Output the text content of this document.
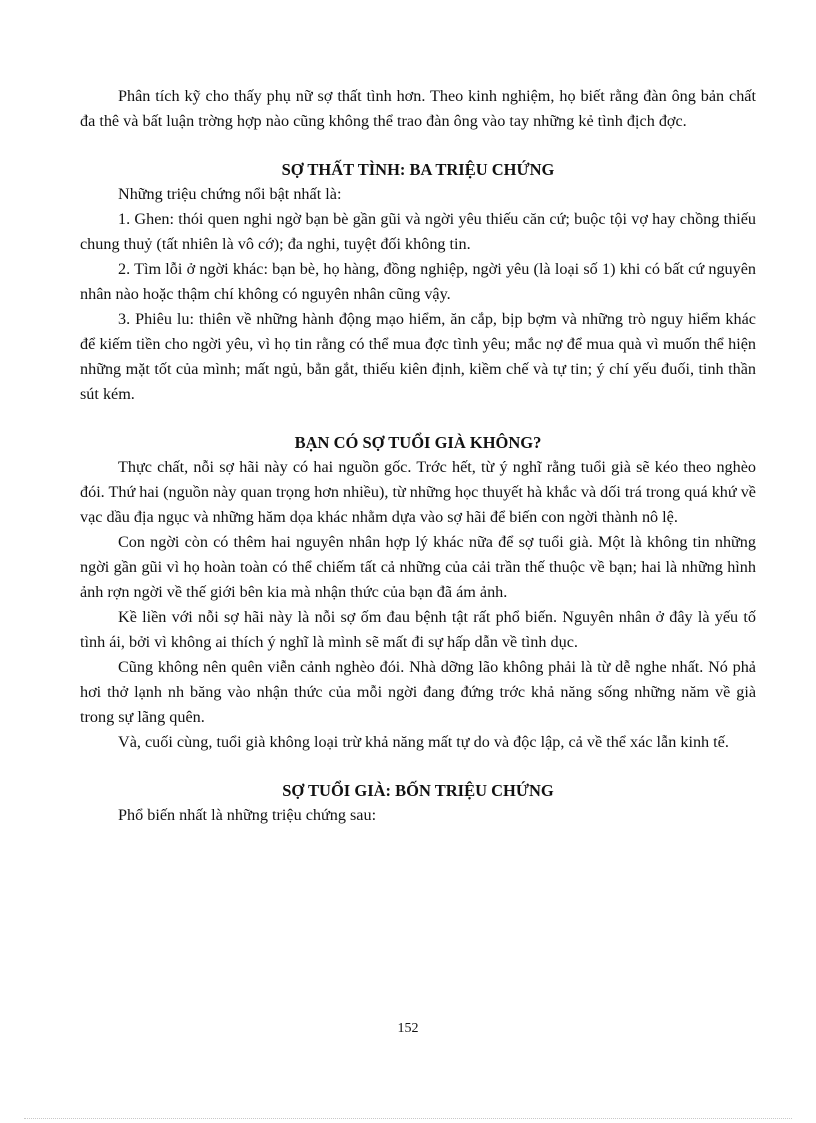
Phân tích kỹ cho thấy phụ nữ sợ thất tình hơn. Theo kinh nghiệm, họ biết rằng đàn ông bản chất đa thê và bất luận trờng hợp nào cũng không thể trao đàn ông vào tay những kẻ tình địch đợc.

SỢ THẤT TÌNH: BA TRIỆU CHỨNG

Những triệu chứng nổi bật nhất là:

1. Ghen: thói quen nghi ngờ bạn bè gần gũi và ngời yêu thiếu căn cứ; buộc tội vợ hay chồng thiếu chung thuỷ (tất nhiên là vô cớ); đa nghi, tuyệt đối không tin.

2. Tìm lỗi ở ngời khác: bạn bè, họ hàng, đồng nghiệp, ngời yêu (là loại số 1) khi có bất cứ nguyên nhân nào hoặc thậm chí không có nguyên nhân cũng vậy.

3. Phiêu lu: thiên về những hành động mạo hiểm, ăn cắp, bịp bợm và những trò nguy hiểm khác để kiếm tiền cho ngời yêu, vì họ tin rằng có thể mua đợc tình yêu; mắc nợ để mua quà vì muốn thể hiện những mặt tốt của mình; mất ngủ, bẳn gắt, thiếu kiên định, kiềm chế và tự tin; ý chí yếu đuối, tinh thần sút kém.

BẠN CÓ SỢ TUỔI GIÀ KHÔNG?

Thực chất, nỗi sợ hãi này có hai nguồn gốc. Trớc hết, từ ý nghĩ rằng tuổi già sẽ kéo theo nghèo đói. Thứ hai (nguồn này quan trọng hơn nhiều), từ những học thuyết hà khắc và dối trá trong quá khứ về vạc dầu địa ngục và những hăm dọa khác nhằm dựa vào sợ hãi để biến con ngời thành nô lệ.

Con ngời còn có thêm hai nguyên nhân hợp lý khác nữa để sợ tuổi già. Một là không tin những ngời gần gũi vì họ hoàn toàn có thể chiếm tất cả những của cải trần thế thuộc về bạn; hai là những hình ảnh rợn ngời về thế giới bên kia mà nhận thức của bạn đã ám ảnh.

Kề liền với nỗi sợ hãi này là nỗi sợ ốm đau bệnh tật rất phổ biến. Nguyên nhân ở đây là yếu tố tình ái, bởi vì không ai thích ý nghĩ là mình sẽ mất đi sự hấp dẫn về tình dục.

Cũng không nên quên viễn cảnh nghèo đói. Nhà dỡng lão không phải là từ dễ nghe nhất. Nó phả hơi thở lạnh nh băng vào nhận thức của mỗi ngời đang đứng trớc khả năng sống những năm về già trong sự lãng quên.

Và, cuối cùng, tuổi già không loại trừ khả năng mất tự do và độc lập, cả về thể xác lẫn kinh tế.

SỢ TUỔI GIÀ: BỐN TRIỆU CHỨNG

Phổ biến nhất là những triệu chứng sau:

152
